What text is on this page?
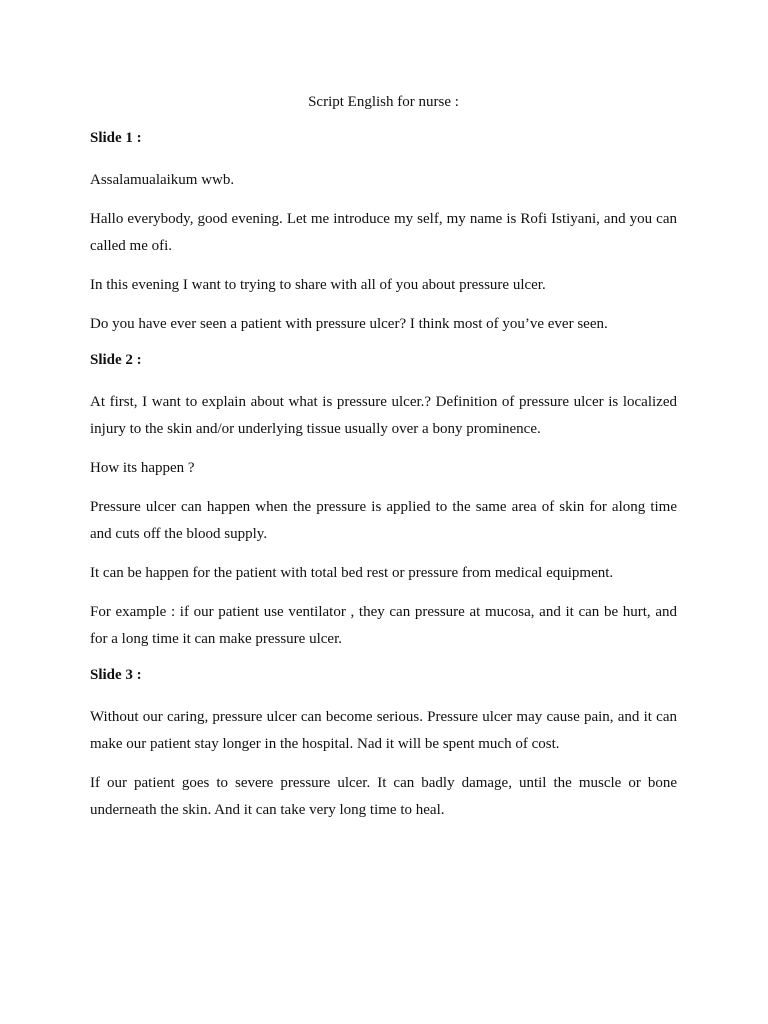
Script English for nurse :

Slide 1 :

Assalamualaikum wwb.

Hallo everybody, good evening. Let me introduce my self, my name is Rofi Istiyani, and you can called me ofi.

In this evening I want to trying to share with all of you about pressure ulcer.

Do you have ever seen a patient with pressure ulcer? I think most of you’ve ever seen.

Slide 2 :

At first, I want to explain about what is pressure ulcer.? Definition of pressure ulcer is localized injury to the skin and/or underlying tissue usually over a bony prominence.

How its happen ?

Pressure ulcer can happen when the pressure is applied to the same area of skin for along time and cuts off the blood supply.

It can be happen for the patient with total bed rest or pressure from medical equipment.

For example : if our patient use ventilator , they can pressure at mucosa, and it can be hurt, and for a long time it can make pressure ulcer.

Slide 3 :

Without our caring, pressure ulcer can become serious. Pressure ulcer may cause pain, and it can make our patient stay longer in the hospital. Nad it will be spent much of cost.

If our patient goes to severe pressure ulcer. It can badly damage, until the muscle or bone underneath the skin. And it can take very long time to heal.
